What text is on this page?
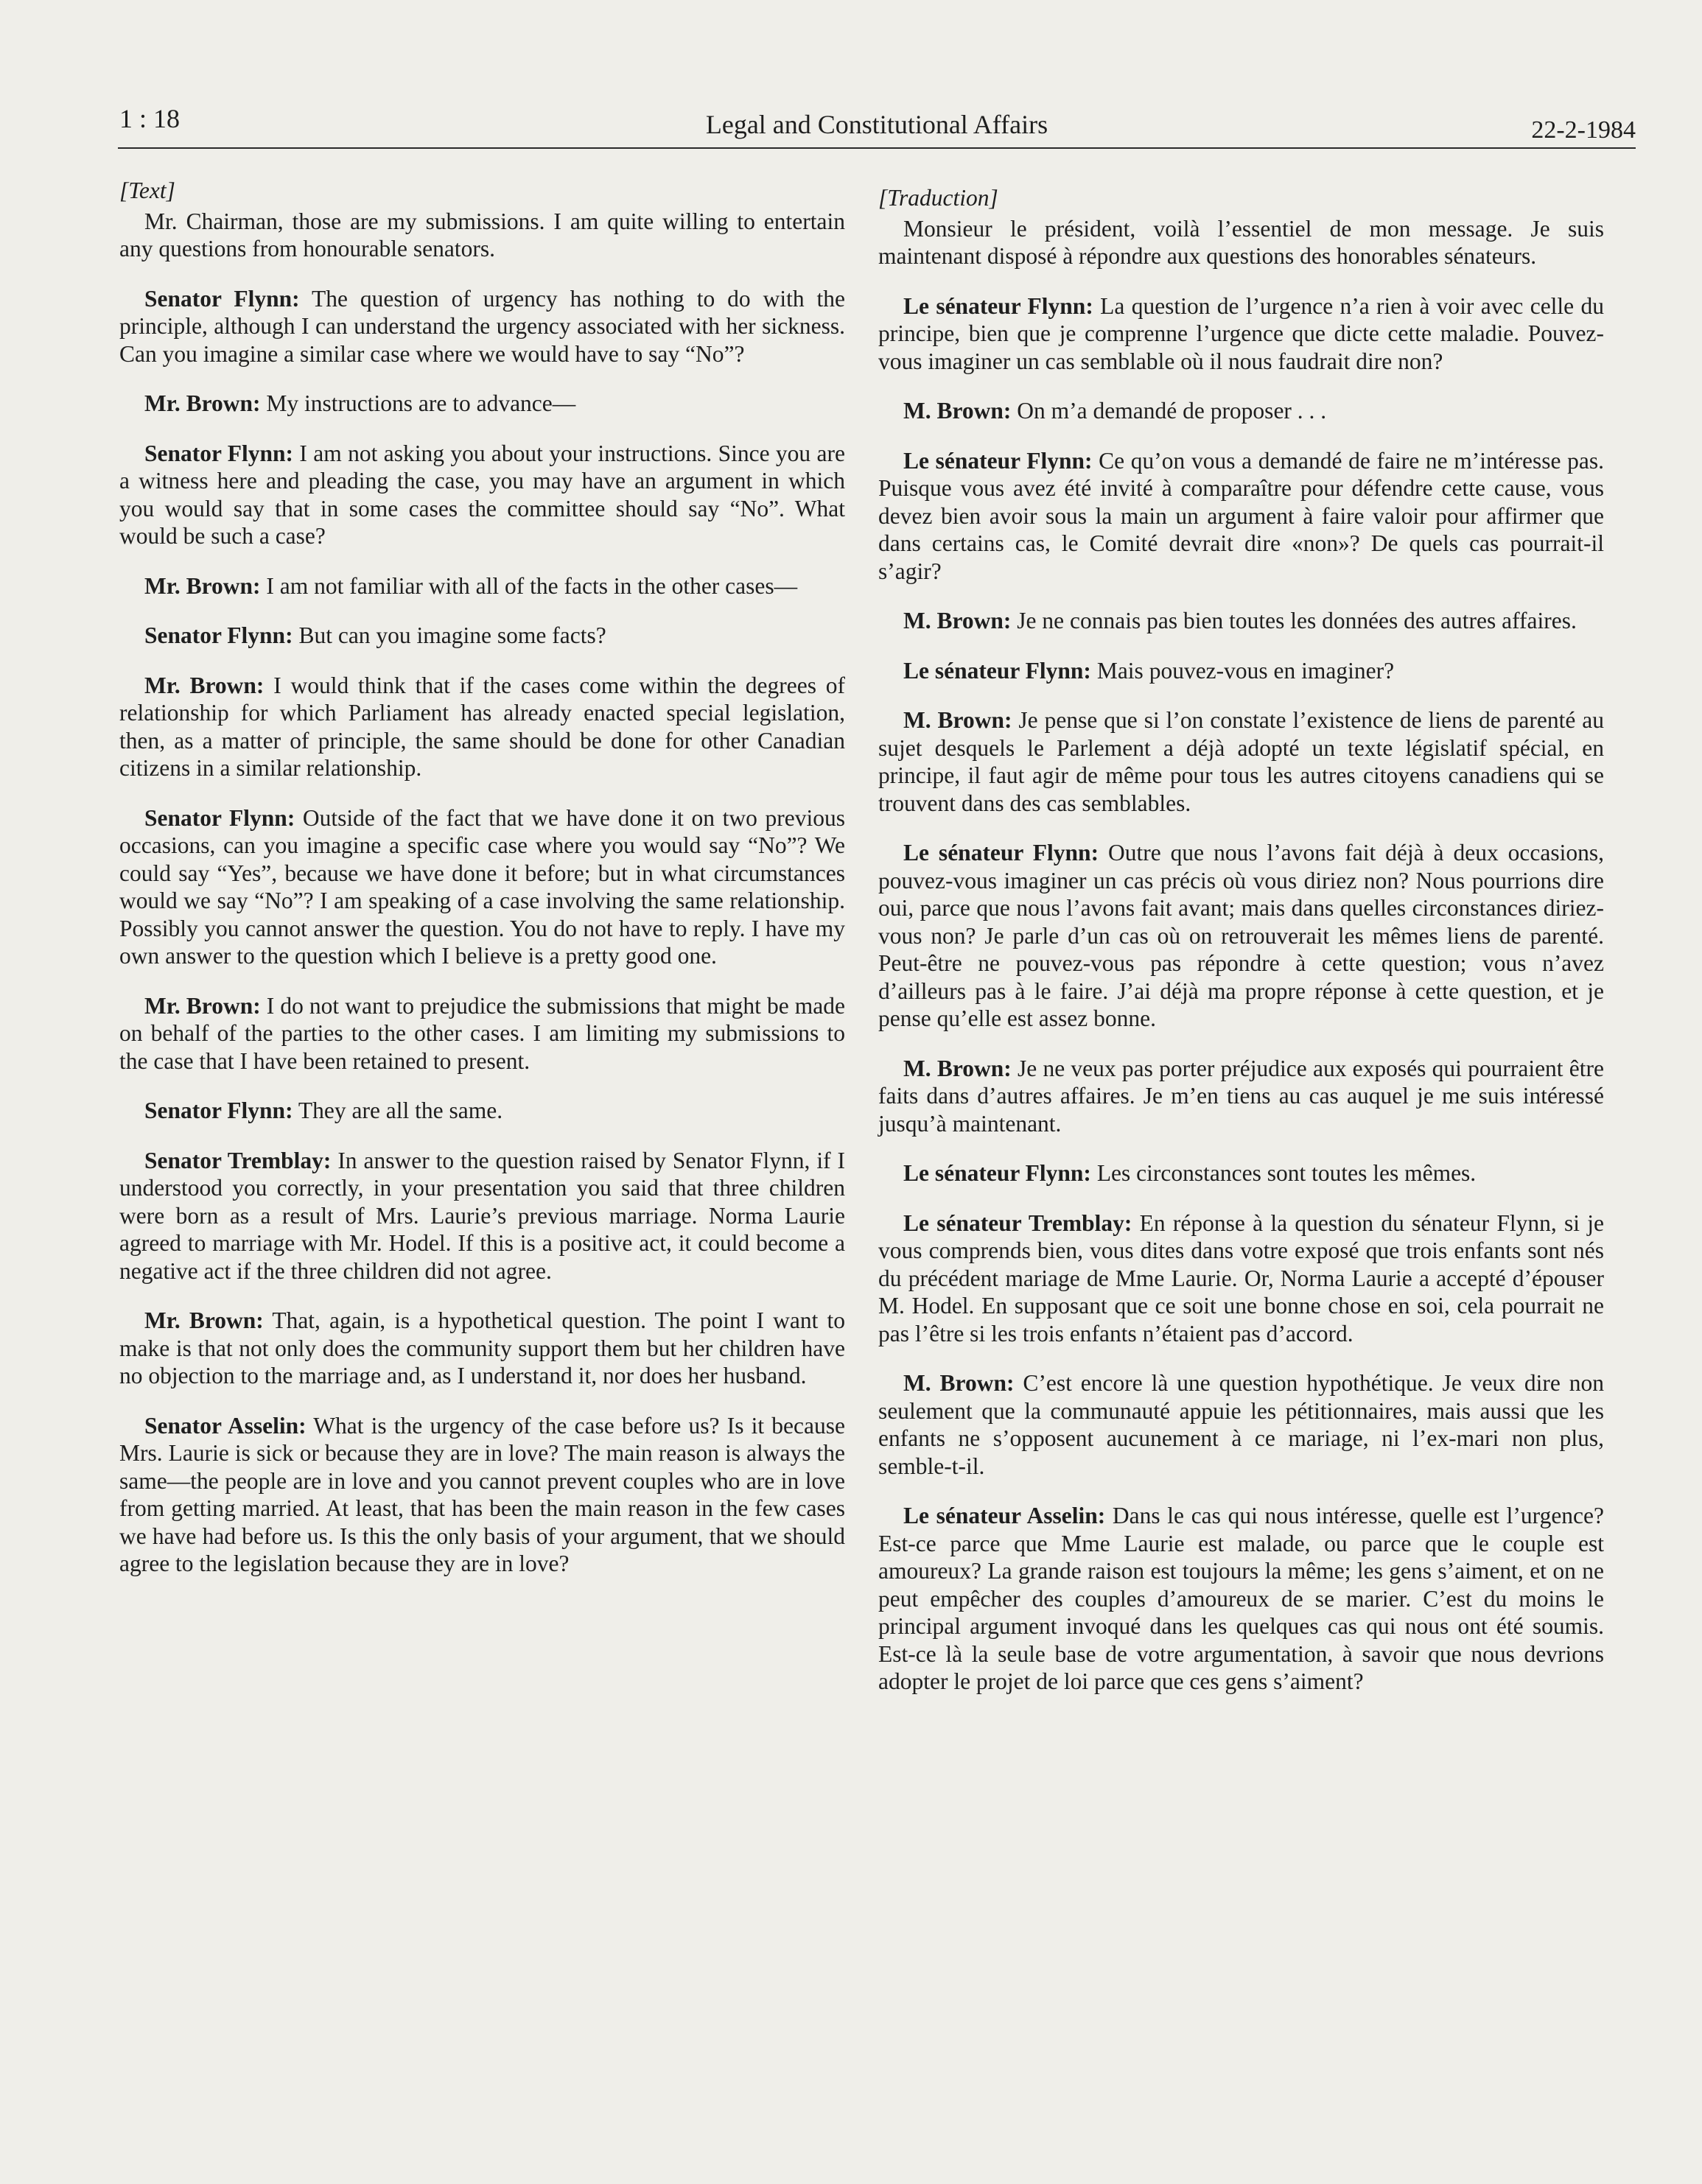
1 : 18	Legal and Constitutional Affairs	22-2-1984
[Text]

Mr. Chairman, those are my submissions. I am quite willing to entertain any questions from honourable senators.

Senator Flynn: The question of urgency has nothing to do with the principle, although I can understand the urgency associated with her sickness. Can you imagine a similar case where we would have to say “No”?

Mr. Brown: My instructions are to advance—

Senator Flynn: I am not asking you about your instructions. Since you are a witness here and pleading the case, you may have an argument in which you would say that in some cases the committee should say “No”. What would be such a case?

Mr. Brown: I am not familiar with all of the facts in the other cases—

Senator Flynn: But can you imagine some facts?

Mr. Brown: I would think that if the cases come within the degrees of relationship for which Parliament has already enacted special legislation, then, as a matter of principle, the same should be done for other Canadian citizens in a similar relationship.

Senator Flynn: Outside of the fact that we have done it on two previous occasions, can you imagine a specific case where you would say “No”? We could say “Yes”, because we have done it before; but in what circumstances would we say “No”? I am speaking of a case involving the same relationship. Possibly you cannot answer the question. You do not have to reply. I have my own answer to the question which I believe is a pretty good one.

Mr. Brown: I do not want to prejudice the submissions that might be made on behalf of the parties to the other cases. I am limiting my submissions to the case that I have been retained to present.

Senator Flynn: They are all the same.

Senator Tremblay: In answer to the question raised by Senator Flynn, if I understood you correctly, in your presentation you said that three children were born as a result of Mrs. Laurie’s previous marriage. Norma Laurie agreed to marriage with Mr. Hodel. If this is a positive act, it could become a negative act if the three children did not agree.

Mr. Brown: That, again, is a hypothetical question. The point I want to make is that not only does the community support them but her children have no objection to the marriage and, as I understand it, nor does her husband.

Senator Asselin: What is the urgency of the case before us? Is it because Mrs. Laurie is sick or because they are in love? The main reason is always the same—the people are in love and you cannot prevent couples who are in love from getting married. At least, that has been the main reason in the few cases we have had before us. Is this the only basis of your argument, that we should agree to the legislation because they are in love?

[Traduction]

Monsieur le président, voilà l’essentiel de mon message. Je suis maintenant disposé à répondre aux questions des honorables sénateurs.

Le sénateur Flynn: La question de l’urgence n’a rien à voir avec celle du principe, bien que je comprenne l’urgence que dicte cette maladie. Pouvez-vous imaginer un cas semblable où il nous faudrait dire non?

M. Brown: On m’a demandé de proposer . . .

Le sénateur Flynn: Ce qu’on vous a demandé de faire ne m’intéresse pas. Puisque vous avez été invité à comparaître pour défendre cette cause, vous devez bien avoir sous la main un argument à faire valoir pour affirmer que dans certains cas, le Comité devrait dire «non»? De quels cas pourrait-il s’agir?

M. Brown: Je ne connais pas bien toutes les données des autres affaires.

Le sénateur Flynn: Mais pouvez-vous en imaginer?

M. Brown: Je pense que si l’on constate l’existence de liens de parenté au sujet desquels le Parlement a déjà adopté un texte législatif spécial, en principe, il faut agir de même pour tous les autres citoyens canadiens qui se trouvent dans des cas semblables.

Le sénateur Flynn: Outre que nous l’avons fait déjà à deux occasions, pouvez-vous imaginer un cas précis où vous diriez non? Nous pourrions dire oui, parce que nous l’avons fait avant; mais dans quelles circonstances diriez-vous non? Je parle d’un cas où on retrouverait les mêmes liens de parenté. Peut-être ne pouvez-vous pas répondre à cette question; vous n’avez d’ailleurs pas à le faire. J’ai déjà ma propre réponse à cette question, et je pense qu’elle est assez bonne.

M. Brown: Je ne veux pas porter préjudice aux exposés qui pourraient être faits dans d’autres affaires. Je m’en tiens au cas auquel je me suis intéressé jusqu’à maintenant.

Le sénateur Flynn: Les circonstances sont toutes les mêmes.

Le sénateur Tremblay: En réponse à la question du sénateur Flynn, si je vous comprends bien, vous dites dans votre exposé que trois enfants sont nés du précédent mariage de Mme Laurie. Or, Norma Laurie a accepté d’épouser M. Hodel. En supposant que ce soit une bonne chose en soi, cela pourrait ne pas l’être si les trois enfants n’étaient pas d’accord.

M. Brown: C’est encore là une question hypothétique. Je veux dire non seulement que la communauté appuie les pétitionnaires, mais aussi que les enfants ne s’opposent aucunement à ce mariage, ni l’ex-mari non plus, semble-t-il.

Le sénateur Asselin: Dans le cas qui nous intéresse, quelle est l’urgence? Est-ce parce que Mme Laurie est malade, ou parce que le couple est amoureux? La grande raison est toujours la même; les gens s’aiment, et on ne peut empêcher des couples d’amoureux de se marier. C’est du moins le principal argument invoqué dans les quelques cas qui nous ont été soumis. Est-ce là la seule base de votre argumentation, à savoir que nous devrions adopter le projet de loi parce que ces gens s’aiment?
